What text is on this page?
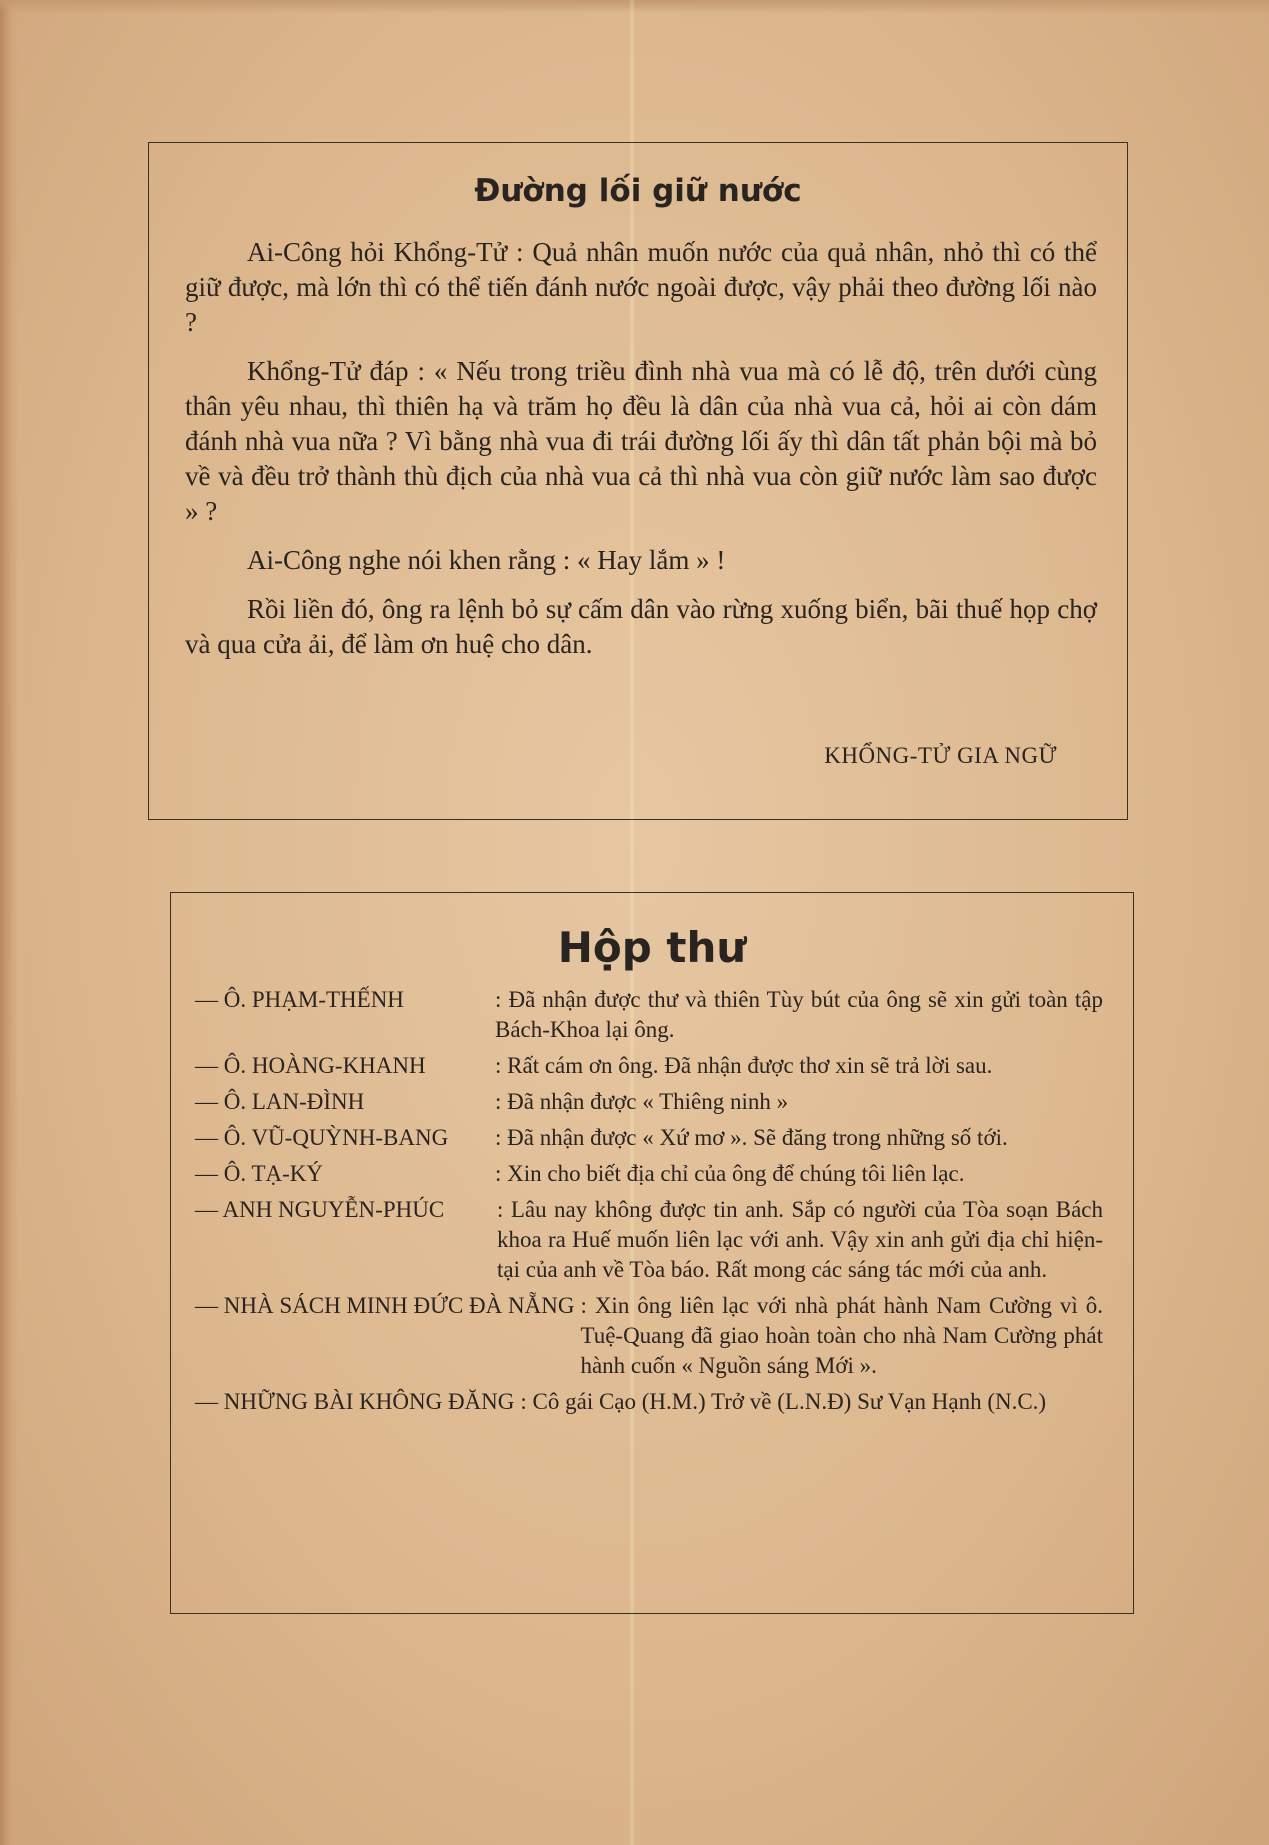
Đường lối giữ nước

Ai-Công hỏi Khổng-Tử : Quả nhân muốn nước của quả nhân, nhỏ thì có thể giữ được, mà lớn thì có thể tiến đánh nước ngoài được, vậy phải theo đường lối nào ?

Khổng-Tử đáp : « Nếu trong triều đình nhà vua mà có lễ độ, trên dưới cùng thân yêu nhau, thì thiên hạ và trăm họ đều là dân của nhà vua cả, hỏi ai còn dám đánh nhà vua nữa ? Vì bằng nhà vua đi trái đường lối ấy thì dân tất phản bội mà bỏ về và đều trở thành thù địch của nhà vua cả thì nhà vua còn giữ nước làm sao được » ?

Ai-Công nghe nói khen rằng : « Hay lắm » !

Rồi liền đó, ông ra lệnh bỏ sự cấm dân vào rừng xuống biển, bãi thuế họp chợ và qua cửa ải, để làm ơn huệ cho dân.

KHỔNG-TỬ GIA NGỮ
Hộp thư
— Ô. PHẠM-THẾNH	: Đã nhận được thư và thiên Tùy bút của ông sẽ xin gửi toàn tập Bách-Khoa lại ông.
— Ô. HOÀNG-KHANH	: Rất cám ơn ông. Đã nhận được thơ xin sẽ trả lời sau.
— Ô. LAN-ĐÌNH	: Đã nhận được « Thiêng ninh »
— Ô. VŨ-QUỲNH-BANG	: Đã nhận được « Xứ mơ ». Sẽ đăng trong những số tới.
— Ô. TẠ-KÝ	: Xin cho biết địa chỉ của ông để chúng tôi liên lạc.
— ANH NGUYỄN-PHÚC	: Lâu nay không được tin anh. Sắp có người của Tòa soạn Bách khoa ra Huế muốn liên lạc với anh. Vậy xin anh gửi địa chỉ hiện-tại của anh về Tòa báo. Rất mong các sáng tác mới của anh.
— NHÀ SÁCH MINH ĐỨC ĐÀ NẴNG : Xin ông liên lạc với nhà phát hành Nam Cường vì ô. Tuệ-Quang đã giao hoàn toàn cho nhà Nam Cường phát hành cuốn « Nguồn sáng Mới ».
— NHỮNG BÀI KHÔNG ĐĂNG : Cô gái Cạo (H.M.) Trở về (L.N.Đ) Sư Vạn Hạnh (N.C.)
